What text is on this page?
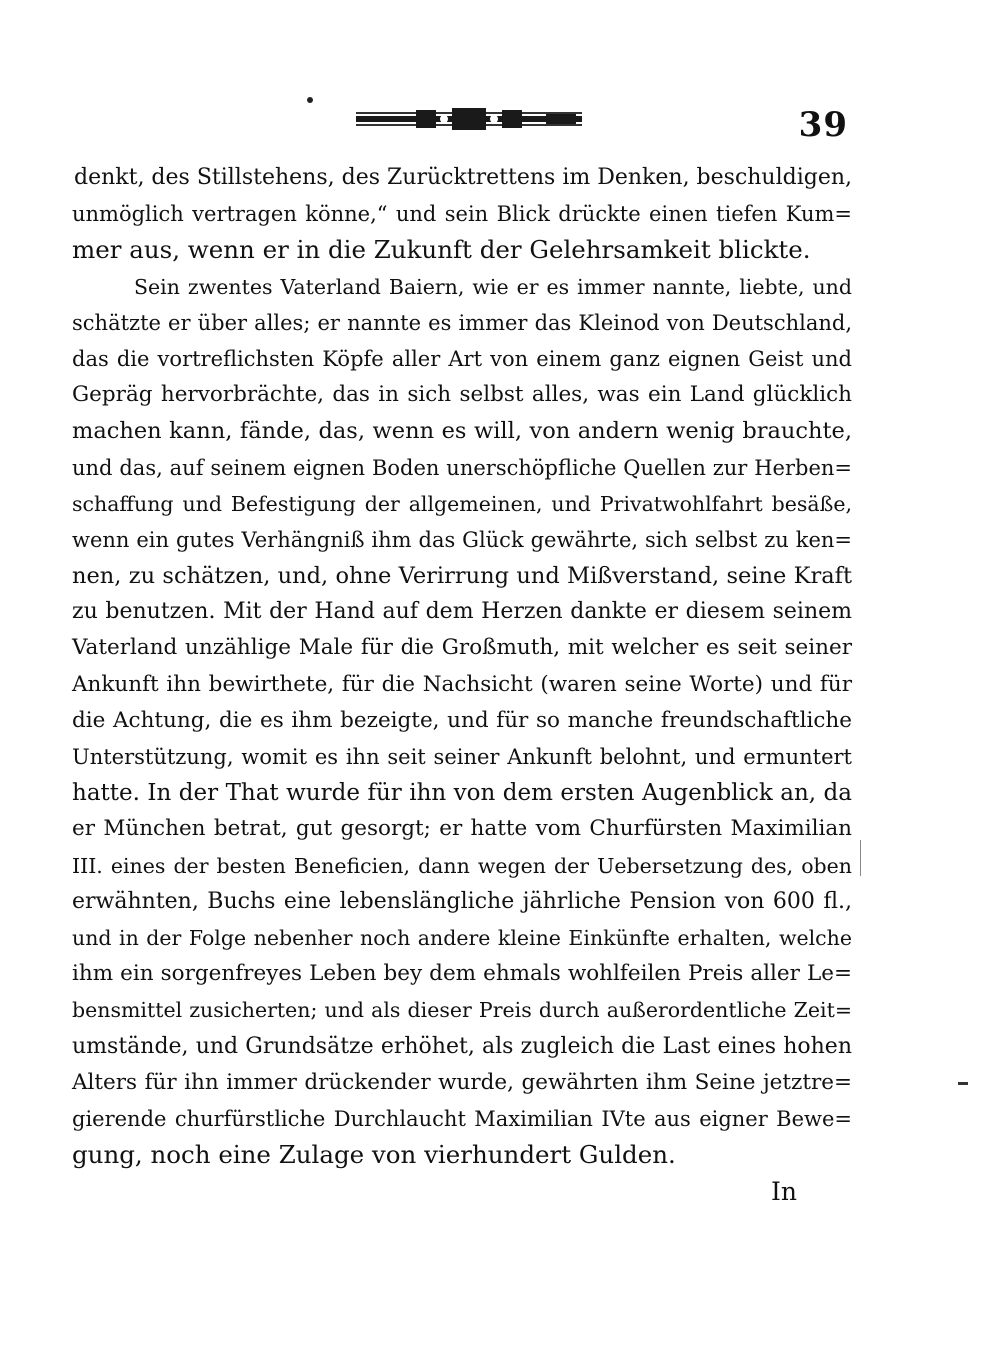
39
denkt, des Stillstehens, des Zurücktrettens im Denken, beschuldigen,
unmöglich vertragen könne,“ und sein Blick drückte einen tiefen Kum=
mer aus, wenn er in die Zukunft der Gelehrsamkeit blickte.
Sein zwentes Vaterland Baiern, wie er es immer nannte, liebte, und
schätzte er über alles; er nannte es immer das Kleinod von Deutschland,
das die vortreflichsten Köpfe aller Art von einem ganz eignen Geist und
Gepräg hervorbrächte, das in sich selbst alles, was ein Land glücklich
machen kann, fände, das, wenn es will, von andern wenig brauchte,
und das, auf seinem eignen Boden unerschöpfliche Quellen zur Herben=
schaffung und Befestigung der allgemeinen, und Privatwohlfahrt besäße,
wenn ein gutes Verhängniß ihm das Glück gewährte, sich selbst zu ken=
nen, zu schätzen, und, ohne Verirrung und Mißverstand, seine Kraft
zu benutzen. Mit der Hand auf dem Herzen dankte er diesem seinem
Vaterland unzählige Male für die Großmuth, mit welcher es seit seiner
Ankunft ihn bewirthete, für die Nachsicht (waren seine Worte) und für
die Achtung, die es ihm bezeigte, und für so manche freundschaftliche
Unterstützung, womit es ihn seit seiner Ankunft belohnt, und ermuntert
hatte. In der That wurde für ihn von dem ersten Augenblick an, da
er München betrat, gut gesorgt; er hatte vom Churfürsten Maximilian
III. eines der besten Beneficien, dann wegen der Uebersetzung des, oben
erwähnten, Buchs eine lebenslängliche jährliche Pension von 600 fl.,
und in der Folge nebenher noch andere kleine Einkünfte erhalten, welche
ihm ein sorgenfreyes Leben bey dem ehmals wohlfeilen Preis aller Le=
bensmittel zusicherten; und als dieser Preis durch außerordentliche Zeit=
umstände, und Grundsätze erhöhet, als zugleich die Last eines hohen
Alters für ihn immer drückender wurde, gewährten ihm Seine jetztre=
gierende churfürstliche Durchlaucht Maximilian IVte aus eigner Bewe=
gung, noch eine Zulage von vierhundert Gulden.
In
